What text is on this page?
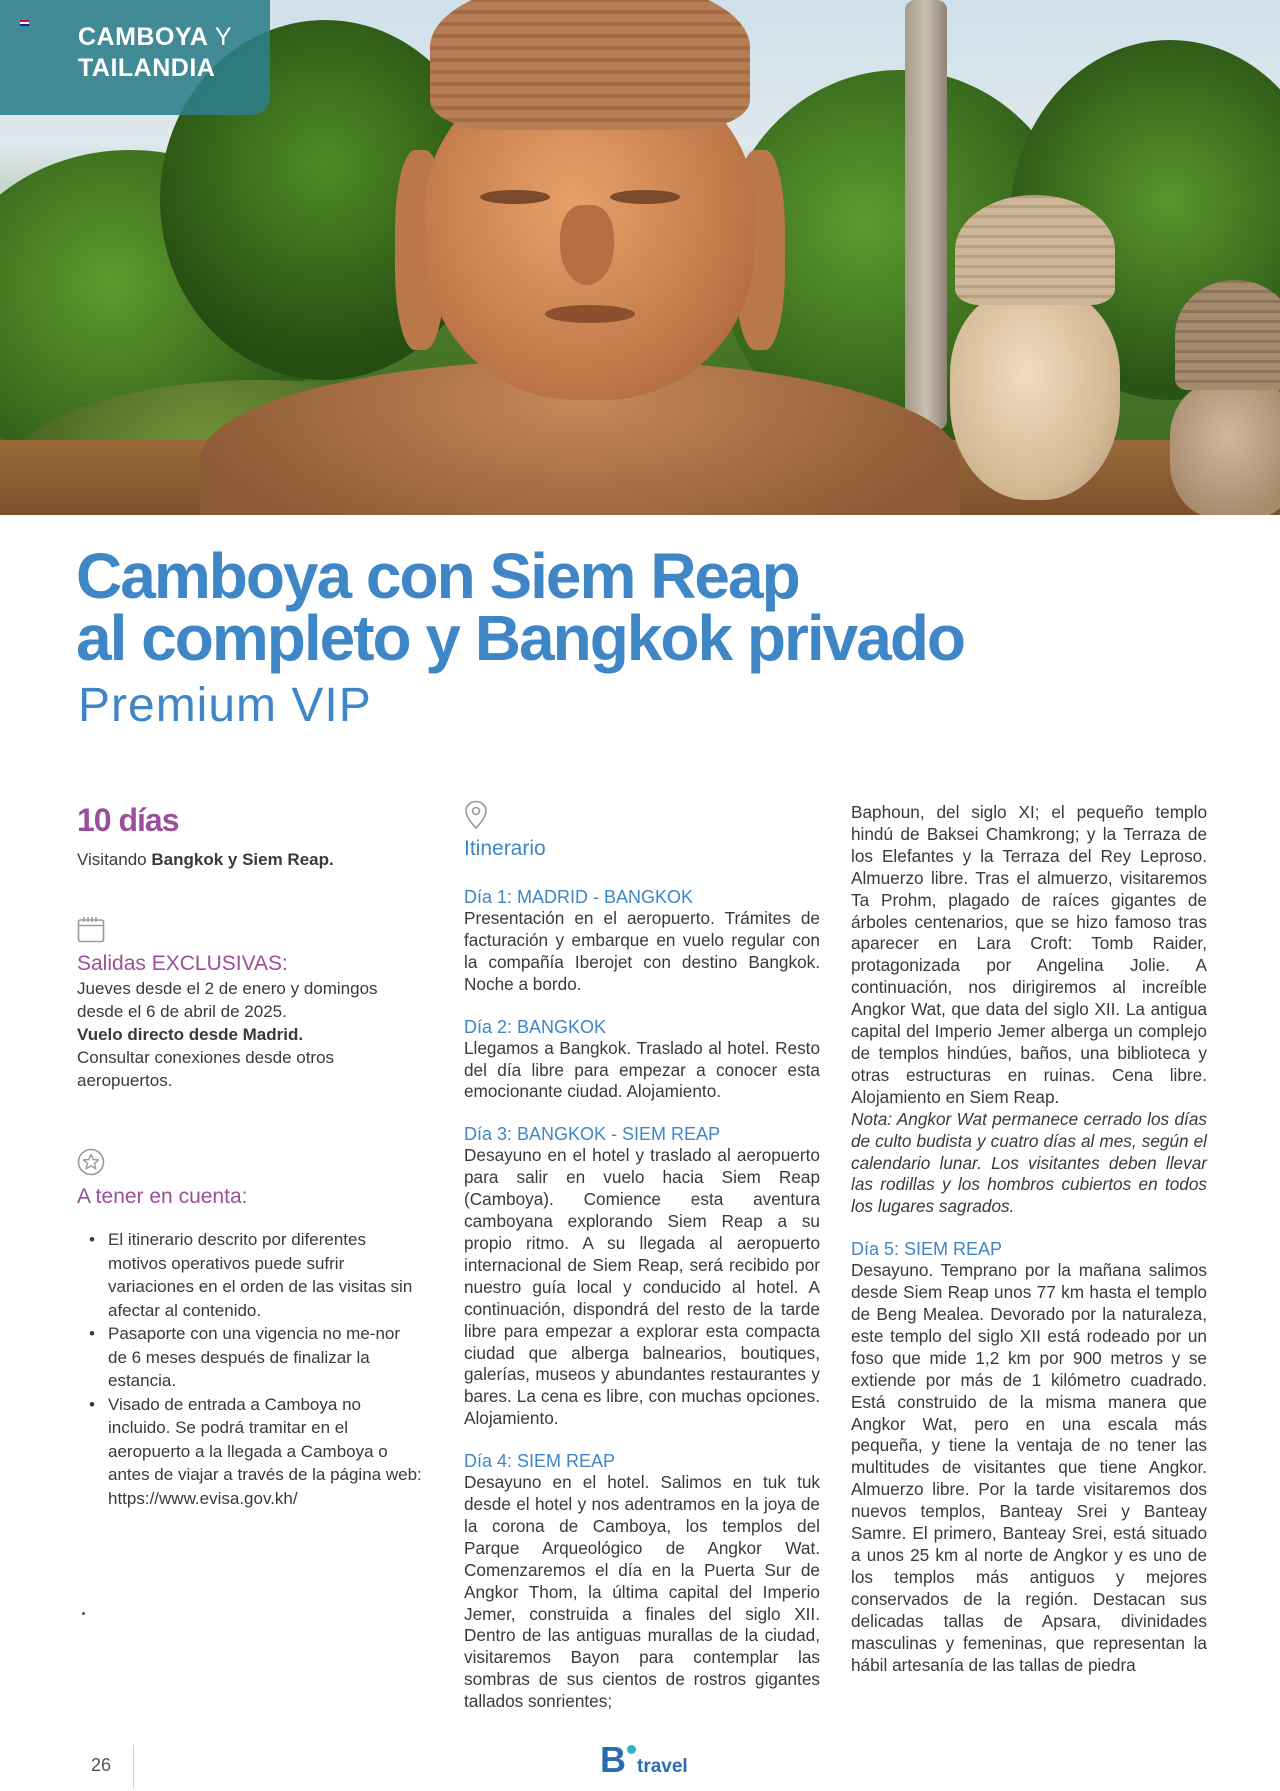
CAMBOYA Y
TAILANDIA
Camboya con Siem Reap
al completo y Bangkok privado
Premium VIP
10 días
Visitando Bangkok y Siem Reap.
Salidas EXCLUSIVAS:
Jueves desde el 2 de enero y domingos desde el 6 de abril de 2025.
Vuelo directo desde Madrid.
Consultar conexiones desde otros aeropuertos.
A tener en cuenta:
• El itinerario descrito por diferentes motivos operativos puede sufrir variaciones en el orden de las visitas sin afectar al contenido.
• Pasaporte con una vigencia no me-nor de 6 meses después de finalizar la estancia.
• Visado de entrada a Camboya no incluido. Se podrá tramitar en el aeropuerto a la llegada a Camboya o antes de viajar a través de la página web: https://www.evisa.gov.kh/
Itinerario
Día 1: MADRID - BANGKOK
Presentación en el aeropuerto. Trámites de facturación y embarque en vuelo regular con la compañía Iberojet con destino Bangkok. Noche a bordo.
Día 2: BANGKOK
Llegamos a Bangkok. Traslado al hotel. Resto del día libre para empezar a conocer esta emocionante ciudad. Alojamiento.
Día 3: BANGKOK - SIEM REAP
Desayuno en el hotel y traslado al aeropuerto para salir en vuelo hacia Siem Reap (Camboya). Comience esta aventura camboyana explorando Siem Reap a su propio ritmo. A su llegada al aeropuerto internacional de Siem Reap, será recibido por nuestro guía local y conducido al hotel. A continuación, dispondrá del resto de la tarde libre para empezar a explorar esta compacta ciudad que alberga balnearios, boutiques, galerías, museos y abundantes restaurantes y bares. La cena es libre, con muchas opciones. Alojamiento.
Día 4: SIEM REAP
Desayuno en el hotel. Salimos en tuk tuk desde el hotel y nos adentramos en la joya de la corona de Camboya, los templos del Parque Arqueológico de Angkor Wat. Comenzaremos el día en la Puerta Sur de Angkor Thom, la última capital del Imperio Jemer, construida a finales del siglo XII. Dentro de las antiguas murallas de la ciudad, visitaremos Bayon para contemplar las sombras de sus cientos de rostros gigantes tallados sonrientes;
Baphoun, del siglo XI; el pequeño templo hindú de Baksei Chamkrong; y la Terraza de los Elefantes y la Terraza del Rey Leproso. Almuerzo libre. Tras el almuerzo, visitaremos Ta Prohm, plagado de raíces gigantes de árboles centenarios, que se hizo famoso tras aparecer en Lara Croft: Tomb Raider, protagonizada por Angelina Jolie. A continuación, nos dirigiremos al increíble Angkor Wat, que data del siglo XII. La antigua capital del Imperio Jemer alberga un complejo de templos hindúes, baños, una biblioteca y otras estructuras en ruinas. Cena libre. Alojamiento en Siem Reap.
Nota: Angkor Wat permanece cerrado los días de culto budista y cuatro días al mes, según el calendario lunar. Los visitantes deben llevar las rodillas y los hombros cubiertos en todos los lugares sagrados.
Día 5: SIEM REAP
Desayuno. Temprano por la mañana salimos desde Siem Reap unos 77 km hasta el templo de Beng Mealea. Devorado por la naturaleza, este templo del siglo XII está rodeado por un foso que mide 1,2 km por 900 metros y se extiende por más de 1 kilómetro cuadrado. Está construido de la misma manera que Angkor Wat, pero en una escala más pequeña, y tiene la ventaja de no tener las multitudes de visitantes que tiene Angkor. Almuerzo libre. Por la tarde visitaremos dos nuevos templos, Banteay Srei y Banteay Samre. El primero, Banteay Srei, está situado a unos 25 km al norte de Angkor y es uno de los templos más antiguos y mejores conservados de la región. Destacan sus delicadas tallas de Apsara, divinidades masculinas y femeninas, que representan la hábil artesanía de las tallas de piedra
26	B travel
